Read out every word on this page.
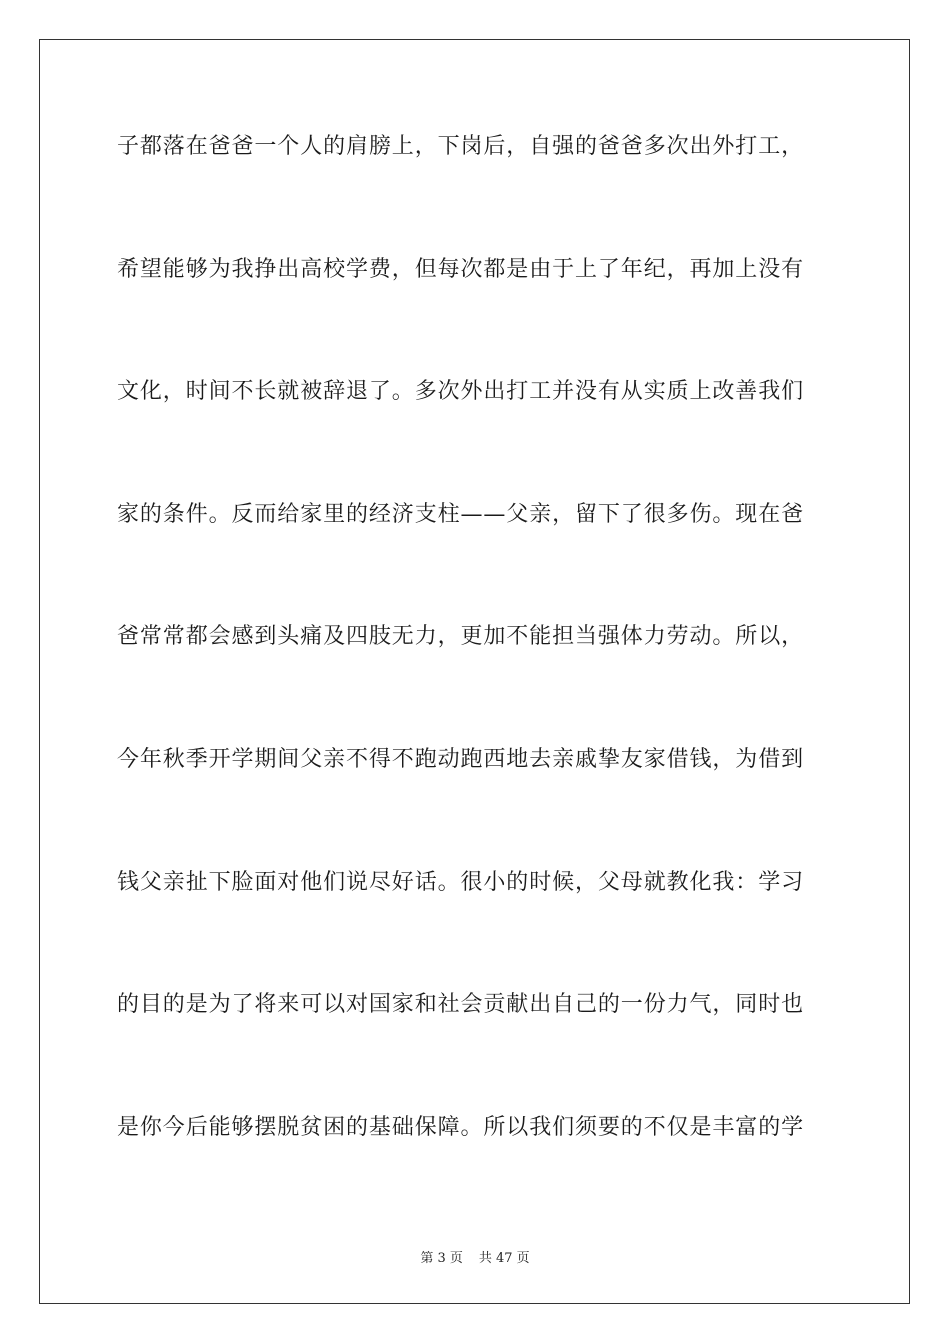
子都落在爸爸一个人的肩膀上，下岗后，自强的爸爸多次出外打工，
希望能够为我挣出高校学费，但每次都是由于上了年纪，再加上没有
文化，时间不长就被辞退了。多次外出打工并没有从实质上改善我们
家的条件。反而给家里的经济支柱——父亲，留下了很多伤。现在爸
爸常常都会感到头痛及四肢无力，更加不能担当强体力劳动。所以，
今年秋季开学期间父亲不得不跑动跑西地去亲戚挚友家借钱，为借到
钱父亲扯下脸面对他们说尽好话。很小的时候，父母就教化我：学习
的目的是为了将来可以对国家和社会贡献出自己的一份力气，同时也
是你今后能够摆脱贫困的基础保障。所以我们须要的不仅是丰富的学
第 3 页 共 47 页
